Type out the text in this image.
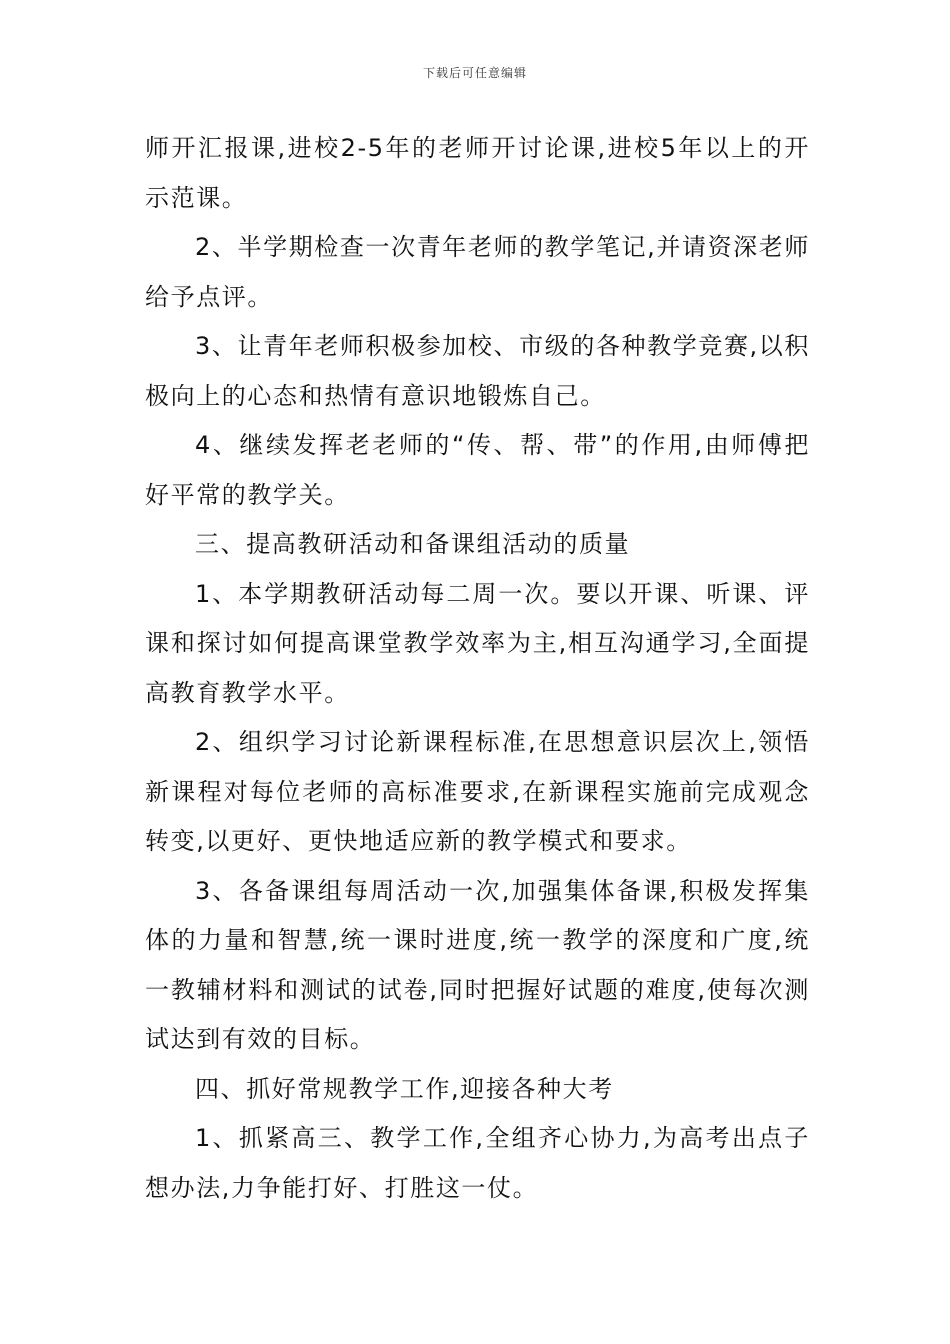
下载后可任意编辑

师开汇报课,进校2-5年的老师开讨论课,进校5年以上的开示范课。

2、半学期检查一次青年老师的教学笔记,并请资深老师给予点评。

3、让青年老师积极参加校、市级的各种教学竞赛,以积极向上的心态和热情有意识地锻炼自己。

4、继续发挥老老师的“传、帮、带”的作用,由师傅把好平常的教学关。

三、提高教研活动和备课组活动的质量

1、本学期教研活动每二周一次。要以开课、听课、评课和探讨如何提高课堂教学效率为主,相互沟通学习,全面提高教育教学水平。

2、组织学习讨论新课程标准,在思想意识层次上,领悟新课程对每位老师的高标准要求,在新课程实施前完成观念转变,以更好、更快地适应新的教学模式和要求。

3、各备课组每周活动一次,加强集体备课,积极发挥集体的力量和智慧,统一课时进度,统一教学的深度和广度,统一教辅材料和测试的试卷,同时把握好试题的难度,使每次测试达到有效的目标。

四、抓好常规教学工作,迎接各种大考

1、抓紧高三、教学工作,全组齐心协力,为高考出点子想办法,力争能打好、打胜这一仗。
